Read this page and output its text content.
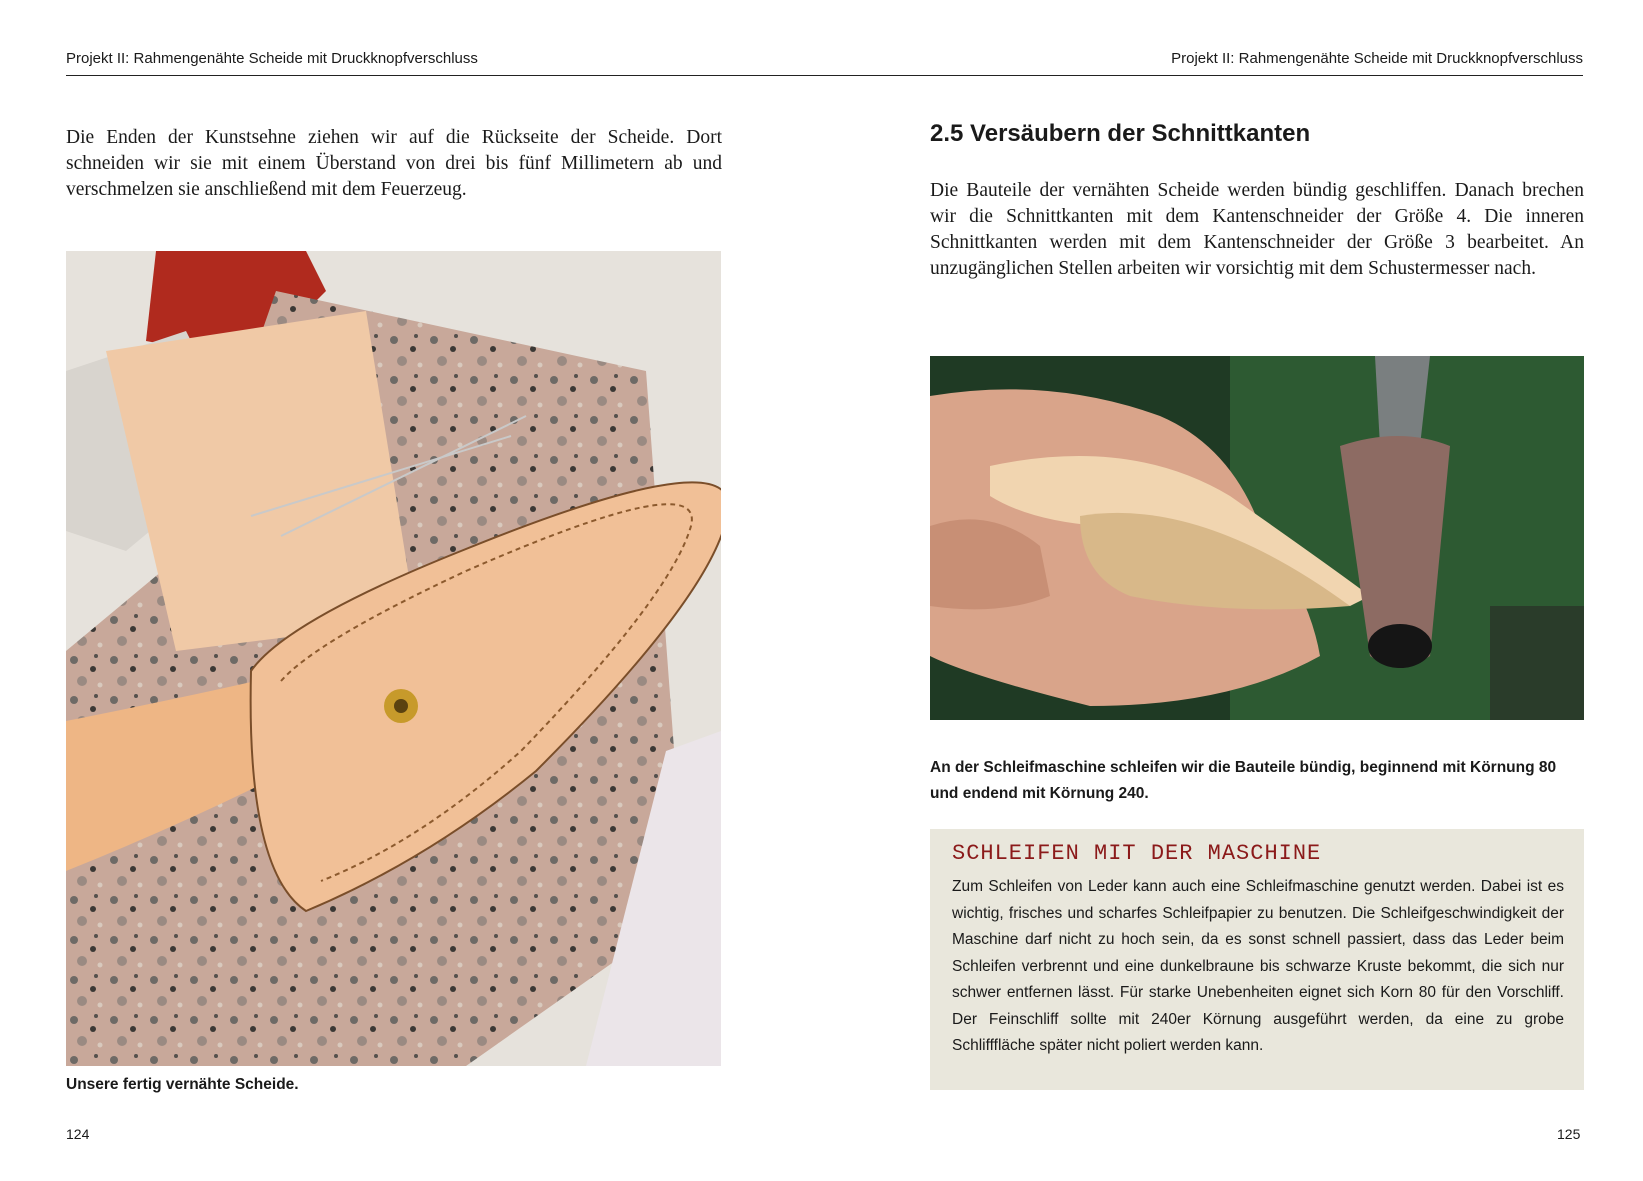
Projekt II: Rahmengenähte Scheide mit Druckknopfverschluss

Die Enden der Kunstsehne ziehen wir auf die Rückseite der Scheide. Dort schneiden wir sie mit einem Überstand von drei bis fünf Millimetern ab und verschmelzen sie anschließend mit dem Feuerzeug.

Unsere fertig vernähte Scheide.

124
Projekt II: Rahmengenähte Scheide mit Druckknopfverschluss
2.5 Versäubern der Schnittkanten

Die Bauteile der vernähten Scheide werden bündig geschliffen. Danach brechen wir die Schnittkanten mit dem Kantenschneider der Größe 4. Die inneren Schnittkanten werden mit dem Kantenschneider der Größe 3 bearbeitet. An unzugänglichen Stellen arbeiten wir vorsichtig mit dem Schustermesser nach.

An der Schleifmaschine schleifen wir die Bauteile bündig, beginnend mit Körnung 80 und endend mit Körnung 240.

SCHLEIFEN MIT DER MASCHINE

Zum Schleifen von Leder kann auch eine Schleifmaschine genutzt werden. Dabei ist es wichtig, frisches und scharfes Schleifpapier zu benutzen. Die Schleifgeschwindigkeit der Maschine darf nicht zu hoch sein, da es sonst schnell passiert, dass das Leder beim Schleifen verbrennt und eine dunkelbraune bis schwarze Kruste bekommt, die sich nur schwer entfernen lässt. Für starke Unebenheiten eignet sich Korn 80 für den Vorschliff. Der Feinschliff sollte mit 240er Körnung ausgeführt werden, da eine zu grobe Schlifffläche später nicht poliert werden kann.

125
